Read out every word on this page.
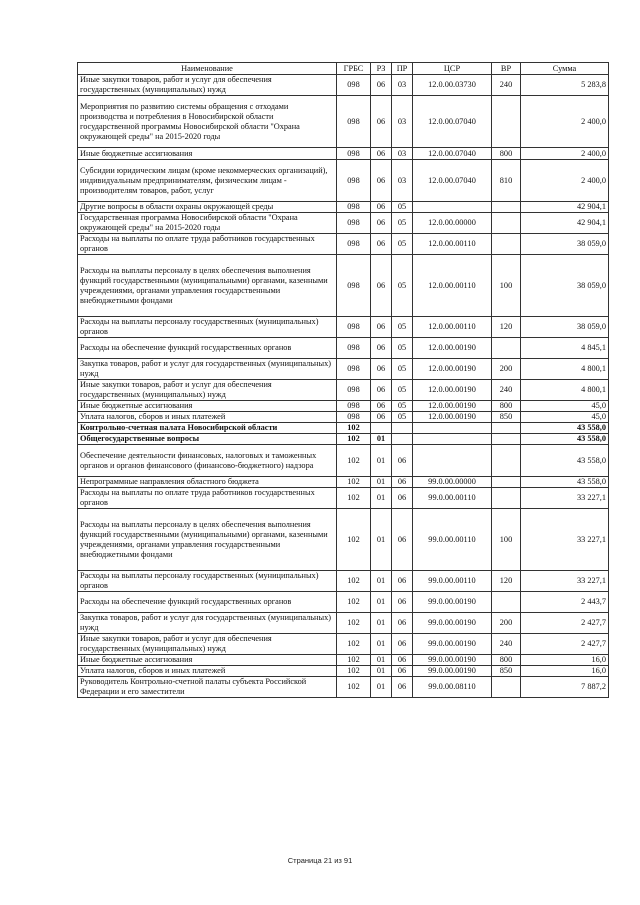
Наименование	ГРБС	РЗ	ПР	ЦСР	ВР	Сумма
Иные закупки товаров, работ и услуг для обеспечения государственных (муниципальных) нужд	098	06	03	12.0.00.03730	240	5 283,8
Мероприятия по развитию системы обращения с отходами производства и потребления в Новосибирской области государственной программы Новосибирской области "Охрана окружающей среды" на 2015-2020 годы	098	06	03	12.0.00.07040		2 400,0
Иные бюджетные ассигнования	098	06	03	12.0.00.07040	800	2 400,0
Субсидии юридическим лицам (кроме некоммерческих организаций), индивидуальным предпринимателям, физическим лицам - производителям товаров, работ, услуг	098	06	03	12.0.00.07040	810	2 400,0
Другие вопросы в области охраны окружающей среды	098	06	05			42 904,1
Государственная программа Новосибирской области "Охрана окружающей среды" на 2015-2020 годы	098	06	05	12.0.00.00000		42 904,1
Расходы на выплаты по оплате труда работников государственных органов	098	06	05	12.0.00.00110		38 059,0
Расходы на выплаты персоналу в целях обеспечения выполнения функций государственными (муниципальными) органами, казенными учреждениями, органами управления государственными внебюджетными фондами	098	06	05	12.0.00.00110	100	38 059,0
Расходы на выплаты персоналу государственных (муниципальных) органов	098	06	05	12.0.00.00110	120	38 059,0
Расходы на обеспечение функций государственных органов	098	06	05	12.0.00.00190		4 845,1
Закупка товаров, работ и услуг для государственных (муниципальных) нужд	098	06	05	12.0.00.00190	200	4 800,1
Иные закупки товаров, работ и услуг для обеспечения государственных (муниципальных) нужд	098	06	05	12.0.00.00190	240	4 800,1
Иные бюджетные ассигнования	098	06	05	12.0.00.00190	800	45,0
Уплата налогов, сборов и иных платежей	098	06	05	12.0.00.00190	850	45,0
Контрольно-счетная палата Новосибирской области	102					43 558,0
Общегосударственные вопросы	102	01				43 558,0
Обеспечение деятельности финансовых, налоговых и таможенных органов и органов финансового (финансово-бюджетного) надзора	102	01	06			43 558,0
Непрограммные направления областного бюджета	102	01	06	99.0.00.00000		43 558,0
Расходы на выплаты по оплате труда работников государственных органов	102	01	06	99.0.00.00110		33 227,1
Расходы на выплаты персоналу в целях обеспечения выполнения функций государственными (муниципальными) органами, казенными учреждениями, органами управления государственными внебюджетными фондами	102	01	06	99.0.00.00110	100	33 227,1
Расходы на выплаты персоналу государственных (муниципальных) органов	102	01	06	99.0.00.00110	120	33 227,1
Расходы на обеспечение функций государственных органов	102	01	06	99.0.00.00190		2 443,7
Закупка товаров, работ и услуг для государственных (муниципальных) нужд	102	01	06	99.0.00.00190	200	2 427,7
Иные закупки товаров, работ и услуг для обеспечения государственных (муниципальных) нужд	102	01	06	99.0.00.00190	240	2 427,7
Иные бюджетные ассигнования	102	01	06	99.0.00.00190	800	16,0
Уплата налогов, сборов и иных платежей	102	01	06	99.0.00.00190	850	16,0
Руководитель Контрольно-счетной палаты субъекта Российской Федерации и его заместители	102	01	06	99.0.00.08110		7 887,2
Страница 21 из 91
